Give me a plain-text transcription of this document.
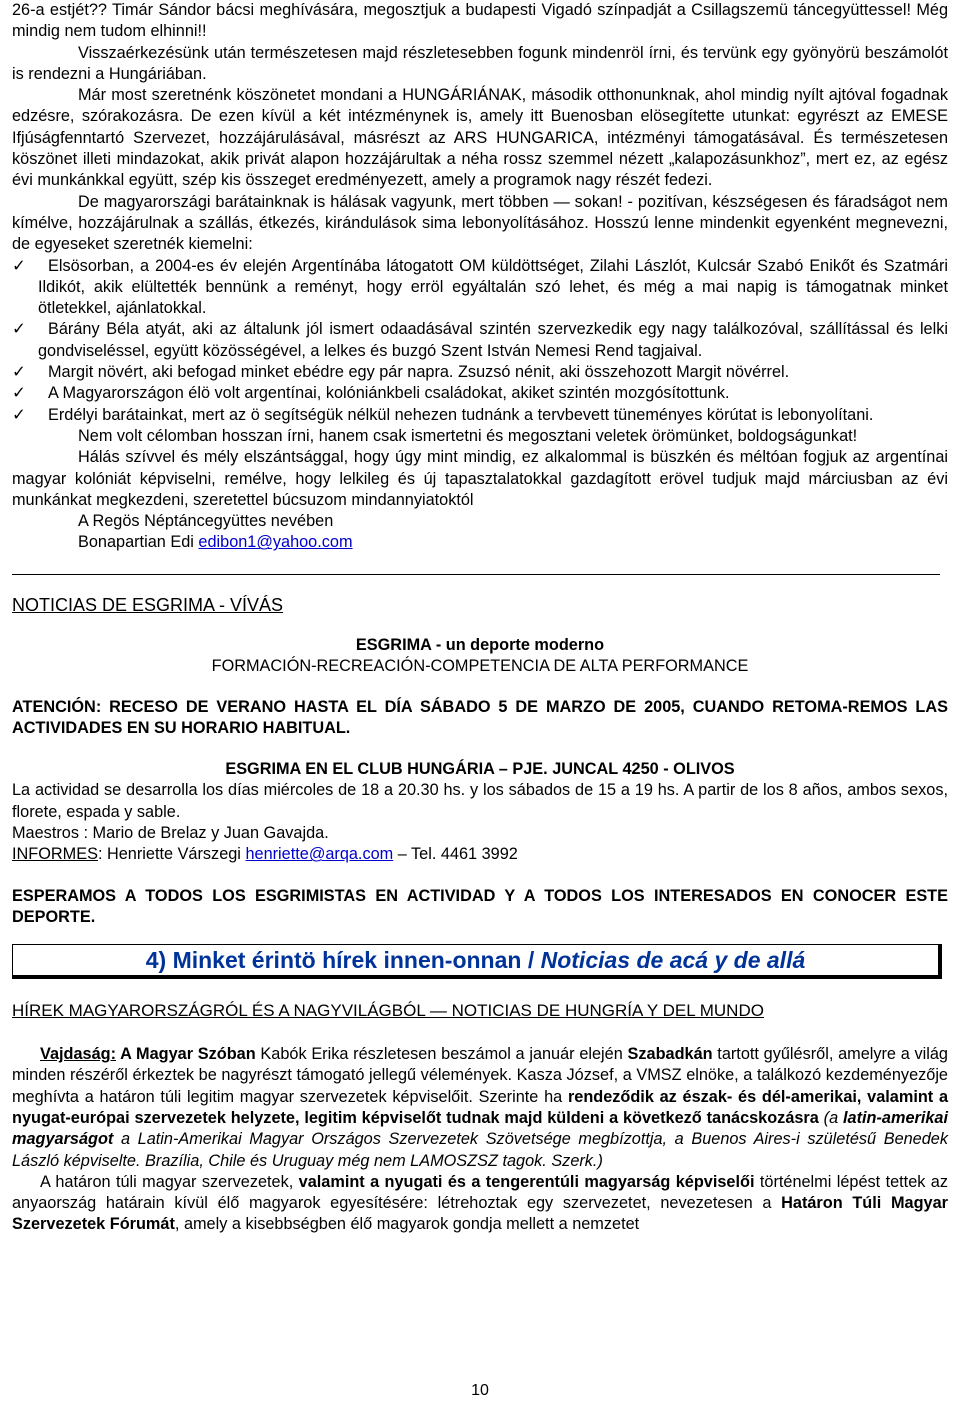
26-a estjét?? Timár Sándor bácsi meghívására, megosztjuk a budapesti Vigadó színpadját a Csillagszemü táncegyüttessel! Még mindig nem tudom elhinni!!

Visszaérkezésünk után természetesen majd részletesebben fogunk mindenröl írni, és tervünk egy gyönyörü beszámolót is rendezni a Hungáriában.

Már most szeretnénk köszönetet mondani a HUNGÁRIÁNAK, második otthonunknak, ahol mindig nyílt ajtóval fogadnak edzésre, szórakozásra. De ezen kívül a két intézménynek is, amely itt Buenosban elösegítette utunkat: egyrészt az EMESE Ifjúságfenntartó Szervezet, hozzájárulásával, másrészt az ARS HUNGARICA, intézményi támogatásával. És természetesen köszönet illeti mindazokat, akik privát alapon hozzájárultak a néha rossz szemmel nézett „kalapozásunkhoz”, mert ez, az egész évi munkánkkal együtt, szép kis összeget eredményezett, amely a programok nagy részét fedezi.

De magyarországi barátainknak is hálásak vagyunk, mert többen — sokan! - pozitívan, készségesen és fáradságot nem kímélve, hozzájárulnak a szállás, étkezés, kirándulások sima lebonyolításához. Hosszú lenne mindenkit egyenként megnevezni, de egyeseket szeretnék kiemelni:

✓	Elsösorban, a 2004-es év elején Argentínába látogatott OM küldöttséget, Zilahi Lászlót, Kulcsár Szabó Enikőt és Szatmári Ildikót, akik elültették bennünk a reményt, hogy erröl egyáltalán szó lehet, és még a mai napig is támogatnak minket ötletekkel, ajánlatokkal.

✓	Bárány Béla atyát, aki az általunk jól ismert odaadásával szintén szervezkedik egy nagy találkozóval, szállítással és lelki gondviseléssel, együtt közösségével, a lelkes és buzgó Szent István Nemesi Rend tagjaival.

✓	Margit növért, aki befogad minket ebédre egy pár napra. Zsuzsó nénit, aki összehozott Margit növérrel.

✓	A Magyarországon élö volt argentínai, kolóniánkbeli családokat, akiket szintén mozgósítottunk.

✓	Erdélyi barátainkat, mert az ö segítségük nélkül nehezen tudnánk a tervbevett tüneményes körútat is lebonyolítani.

Nem volt célomban hosszan írni, hanem csak ismertetni és megosztani veletek örömünket, boldogságunkat!

Hálás szívvel és mély elszántsággal, hogy úgy mint mindig, ez alkalommal is büszkén és méltóan fogjuk az argentínai magyar kolóniát képviselni, remélve, hogy lelkileg és új tapasztalatokkal gazdagított erövel tudjuk majd márciusban az évi munkánkat megkezdeni, szeretettel búcsuzom mindannyiatoktól

A Regös Néptáncegyüttes nevében

Bonapartian Edi edibon1@yahoo.com

NOTICIAS DE ESGRIMA - VÍVÁS

ESGRIMA - un deporte moderno

FORMACIÓN-RECREACIÓN-COMPETENCIA DE ALTA PERFORMANCE

ATENCIÓN: RECESO DE VERANO HASTA EL DÍA SÁBADO 5 DE MARZO DE 2005, CUANDO RETOMA-REMOS LAS ACTIVIDADES EN SU HORARIO HABITUAL.

ESGRIMA EN EL CLUB HUNGÁRIA – PJE. JUNCAL 4250 - OLIVOS

La actividad se desarrolla los días miércoles de 18 a 20.30 hs. y los sábados de 15 a 19 hs. A partir de los 8 años, ambos sexos, florete, espada y sable.

Maestros : Mario de Brelaz y Juan Gavajda.

INFORMES: Henriette Várszegi henriette@arqa.com – Tel. 4461 3992

ESPERAMOS A TODOS LOS ESGRIMISTAS EN ACTIVIDAD Y A TODOS LOS INTERESADOS EN CONOCER ESTE DEPORTE.

4) Minket érintö hírek innen-onnan /
Noticias de acá y de allá
HÍREK MAGYARORSZÁGRÓL ÉS A NAGYVILÁGBÓL — NOTICIAS DE HUNGRÍA Y DEL MUNDO

Vajdaság: A Magyar Szóban Kabók Erika részletesen beszámol a január elején Szabadkán tartott gyűlésről, amelyre a világ minden részéről érkeztek be nagyrészt támogató jellegű vélemények. Kasza József, a VMSZ elnöke, a találkozó kezdeményezője meghívta a határon túli legitim magyar szervezetek képviselőit. Szerinte ha rendeződik az észak- és dél-amerikai, valamint a nyugat-európai szervezetek helyzete, legitim képviselőt tudnak majd küldeni a következő tanácskozásra (a latin-amerikai magyarságot a Latin-Amerikai Magyar Országos Szervezetek Szövetsége megbízottja, a Buenos Aires-i születésű Benedek László képviselte. Brazília, Chile és Uruguay még nem LAMOSZSZ tagok. Szerk.)

A határon túli magyar szervezetek, valamint a nyugati és a tengerentúli magyarság képviselői történelmi lépést tettek az anyaország határain kívül élő magyarok egyesítésére: létrehoztak egy szervezetet, nevezetesen a Határon Túli Magyar Szervezetek Fórumát, amely a kisebbségben élő magyarok gondja mellett a nemzetet

10
